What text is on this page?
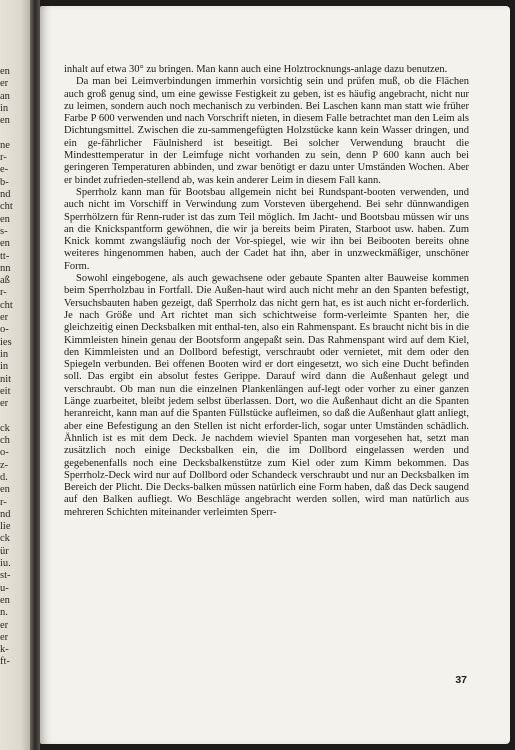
en
er
an
in
en
ne
r-
e-
b-
nd
cht
en
s-
en
tt-
nn
aß
r-
cht
er
o-
ies
in
in
nit
eit
er
ck
ch
o-
z-
d.
en
r-
nd
lie
ck
ür
iu.
st-
u-
en
n.
er
er
k-
ft-

inhalt auf etwa 30° zu bringen. Man kann auch eine Holztrocknungs-anlage dazu benutzen.

Da man bei Leimverbindungen immerhin vorsichtig sein und prüfen muß, ob die Flächen auch groß genug sind, um eine gewisse Festigkeit zu geben, ist es häufig angebracht, nicht nur zu leimen, sondern auch noch mechanisch zu verbinden. Bei Laschen kann man statt wie früher Farbe P 600 verwenden und nach Vorschrift nieten, in diesem Falle betrachtet man den Leim als Dichtungsmittel. Zwischen die zu-sammengefügten Holzstücke kann kein Wasser dringen, und ein ge-fährlicher Fäulnisherd ist beseitigt. Bei solcher Verwendung braucht die Mindesttemperatur in der Leimfuge nicht vorhanden zu sein, denn P 600 kann auch bei geringeren Temperaturen abbinden, und zwar benötigt er dazu unter Umständen Wochen. Aber er bindet zufrieden-stellend ab, was kein anderer Leim in diesem Fall kann.

Sperrholz kann man für Bootsbau allgemein nicht bei Rundspant-booten verwenden, und auch nicht im Vorschiff in Verwindung zum Vorsteven übergehend. Bei sehr dünnwandigen Sperrhölzern für Renn-ruder ist das zum Teil möglich. Im Jacht- und Bootsbau müssen wir uns an die Knickspantform gewöhnen, die wir ja bereits beim Piraten, Starboot usw. haben. Zum Knick kommt zwangsläufig noch der Vor-spiegel, wie wir ihn bei Beibooten bereits ohne weiteres hingenommen haben, auch der Cadet hat ihn, aber in unzweckmäßiger, unschöner Form.

Sowohl eingebogene, als auch gewachsene oder gebaute Spanten alter Bauweise kommen beim Sperrholzbau in Fortfall. Die Außen-haut wird auch nicht mehr an den Spanten befestigt, Versuchsbauten haben gezeigt, daß Sperrholz das nicht gern hat, es ist auch nicht er-forderlich. Je nach Größe und Art richtet man sich schichtweise form-verleimte Spanten her, die gleichzeitig einen Decksbalken mit enthal-ten, also ein Rahmenspant. Es braucht nicht bis in die Kimmleisten hinein genau der Bootsform angepaßt sein. Das Rahmenspant wird auf dem Kiel, den Kimmleisten und an Dollbord befestigt, verschraubt oder vernietet, mit dem oder den Spiegeln verbunden. Bei offenen Booten wird er dort eingesetzt, wo sich eine Ducht befinden soll. Das ergibt ein absolut festes Gerippe. Darauf wird dann die Außenhaut gelegt und verschraubt. Ob man nun die einzelnen Plankenlängen auf-legt oder vorher zu einer ganzen Länge zuarbeitet, bleibt jedem selbst überlassen. Dort, wo die Außenhaut dicht an die Spanten heranreicht, kann man auf die Spanten Füllstücke aufleimen, so daß die Außenhaut glatt anliegt, aber eine Befestigung an den Stellen ist nicht erforder-lich, sogar unter Umständen schädlich. Ähnlich ist es mit dem Deck. Je nachdem wieviel Spanten man vorgesehen hat, setzt man zusätzlich noch einige Decksbalken ein, die im Dollbord eingelassen werden und gegebenenfalls noch eine Decksbalkenstütze zum Kiel oder zum Kimm bekommen. Das Sperrholz-Deck wird nur auf Dollbord oder Schandeck verschraubt und nur an Decksbalken im Bereich der Plicht. Die Decks-balken müssen natürlich eine Form haben, daß das Deck saugend auf den Balken aufliegt. Wo Beschläge angebracht werden sollen, wird man natürlich aus mehreren Schichten miteinander verleimten Sperr-

37
